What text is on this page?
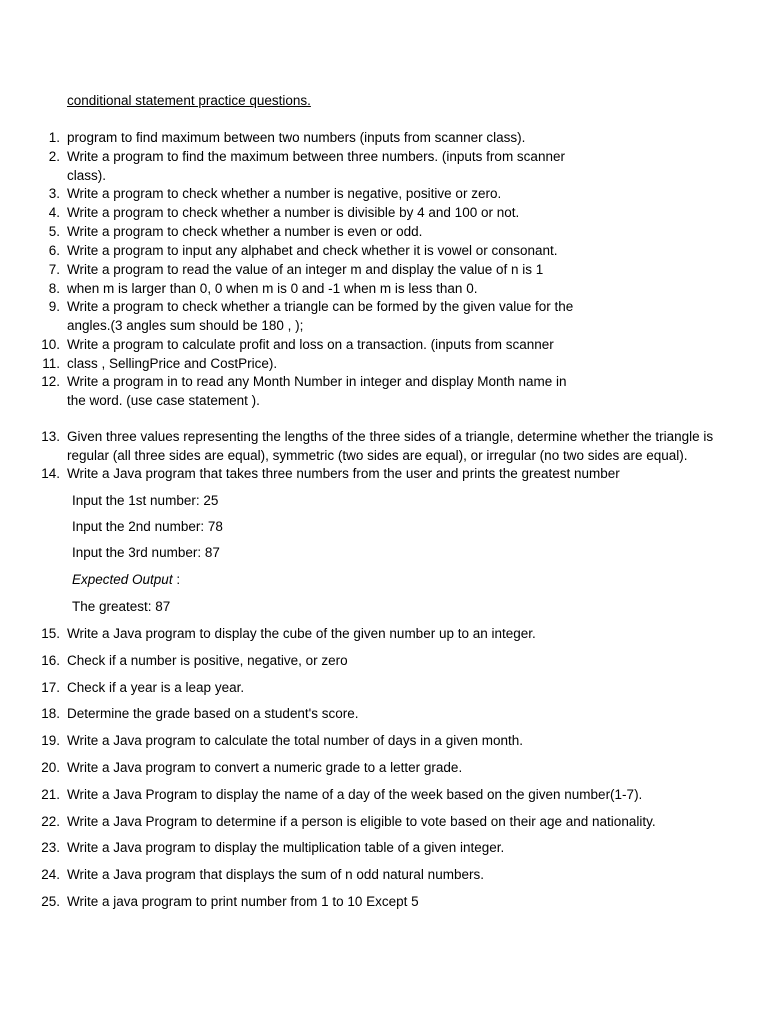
conditional statement practice questions.
1. program to find maximum between two numbers (inputs from scanner class).
2. Write a program to find the maximum between three numbers. (inputs from scanner
class).
3. Write a program to check whether a number is negative, positive or zero.
4. Write a program to check whether a number is divisible by 4 and 100 or not.
5. Write a program to check whether a number is even or odd.
6. Write a program to input any alphabet and check whether it is vowel or consonant.
7. Write a program to read the value of an integer m and display the value of n is 1
8. when m is larger than 0, 0 when m is 0 and -1 when m is less than 0.
9. Write a program to check whether a triangle can be formed by the given value for the
angles.(3 angles sum should be 180 , );
10. Write a program to calculate profit and loss on a transaction. (inputs from scanner
11. class , SellingPrice and CostPrice).
12. Write a program in to read any Month Number in integer and display Month name in
the word. (use case statement ).
13. Given three values representing the lengths of the three sides of a triangle, determine whether the triangle is
regular (all three sides are equal), symmetric (two sides are equal), or irregular (no two sides are equal).
14. Write a Java program that takes three numbers from the user and prints the greatest number
Input the 1st number: 25
Input the 2nd number: 78
Input the 3rd number: 87
Expected Output :
The greatest: 87
15. Write a Java program to display the cube of the given number up to an integer.
16. Check if a number is positive, negative, or zero
17. Check if a year is a leap year.
18. Determine the grade based on a student's score.
19. Write a Java program to calculate the total number of days in a given month.
20. Write a Java program to convert a numeric grade to a letter grade.
21. Write a Java Program to display the name of a day of the week based on the given number(1-7).
22. Write a Java Program to determine if a person is eligible to vote based on their age and nationality.
23. Write a Java program to display the multiplication table of a given integer.
24. Write a Java program that displays the sum of n odd natural numbers.
25. Write a java program to print number from 1 to 10 Except 5
